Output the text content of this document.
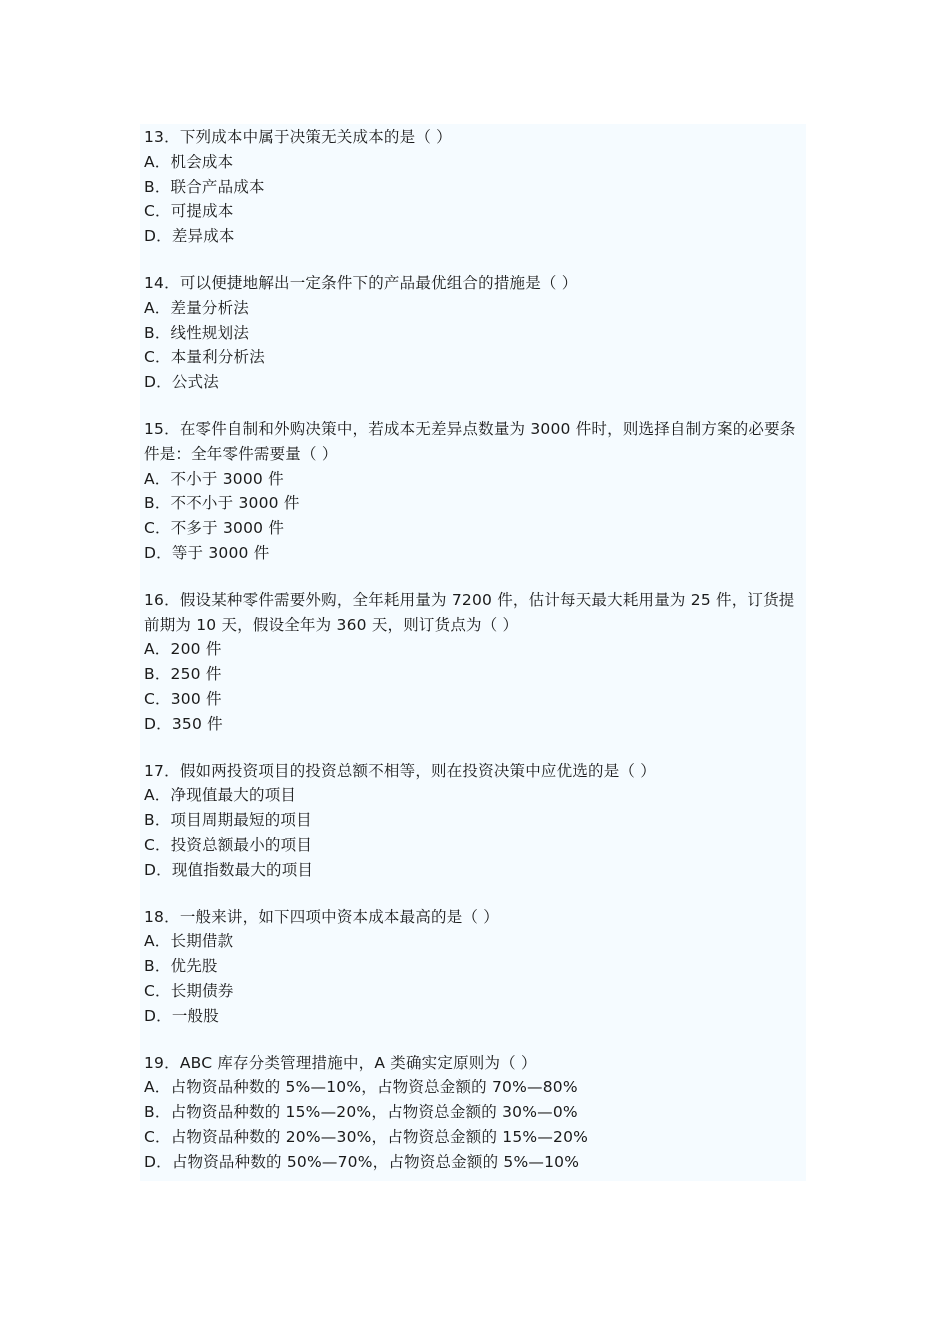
13．下列成本中属于决策无关成本的是（ ）

A．机会成本

B．联合产品成本

C．可提成本

D．差异成本

14．可以便捷地解出一定条件下的产品最优组合的措施是（ ）

A．差量分析法

B．线性规划法

C．本量利分析法

D．公式法

15．在零件自制和外购决策中，若成本无差异点数量为 3000 件时，则选择自制方案的必要条件是：全年零件需要量（ ）

A．不小于 3000 件

B．不不小于 3000 件

C．不多于 3000 件

D．等于 3000 件

16．假设某种零件需要外购，全年耗用量为 7200 件，估计每天最大耗用量为 25 件，订货提前期为 10 天，假设全年为 360 天，则订货点为（ ）

A．200 件

B．250 件

C．300 件

D．350 件

17．假如两投资项目的投资总额不相等，则在投资决策中应优选的是（ ）

A．净现值最大的项目

B．项目周期最短的项目

C．投资总额最小的项目

D．现值指数最大的项目

18．一般来讲，如下四项中资本成本最高的是（ ）

A．长期借款

B．优先股

C．长期债券

D．一般股

19．ABC 库存分类管理措施中，A 类确实定原则为（ ）

A．占物资品种数的 5%—10%，占物资总金额的 70%—80%

B．占物资品种数的 15%—20%，占物资总金额的 30%—0%

C．占物资品种数的 20%—30%，占物资总金额的 15%—20%

D．占物资品种数的 50%—70%，占物资总金额的 5%—10%
